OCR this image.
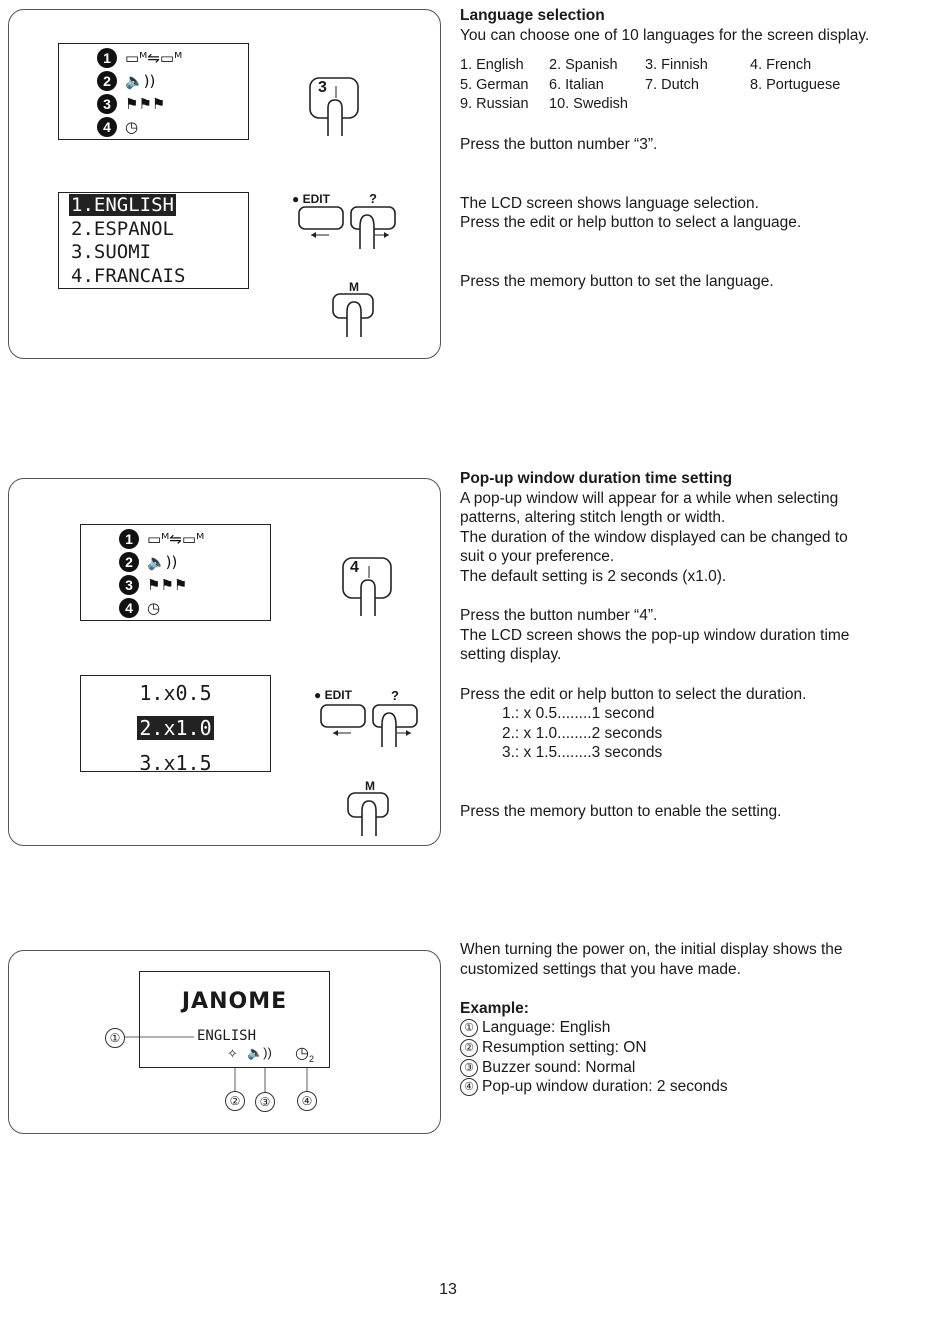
1 ▭ᴹ⇋▭ᴹ
2 🔈))
3 ⚑⚑⚑
4 ◷
3
1.ENGLISH
2.ESPANOL
3.SUOMI
4.FRANCAIS
● EDIT	?
M

Language selection

You can choose one of 10 languages for the screen display.

1. English	2. Spanish	3. Finnish	4. French
5. German	6. Italian	7. Dutch	8. Portuguese
9. Russian	10. Swedish

Press the button number “3”.

The LCD screen shows language selection.

Press the edit or help button to select a language.

Press the memory button to set the language.

1 ▭ᴹ⇋▭ᴹ
2 🔈))
3 ⚑⚑⚑
4 ◷
4
1.x0.5
2.x1.0
3.x1.5
● EDIT	?
M

Pop-up window duration time setting

A pop-up window will appear for a while when selecting

patterns, altering stitch length or width.

The duration of the window displayed can be changed to

suit o your preference.

The default setting is 2 seconds (x1.0).

Press the button number “4”.

The LCD screen shows the pop-up window duration time

setting display.

Press the edit or help button to select the duration.

1.: x 0.5........1 second

2.: x 1.0........2 seconds

3.: x 1.5........3 seconds

Press the memory button to enable the setting.

JANOME
ENGLISH
✧ 🔈)) $◷_2$
①
②	③	④

When turning the power on, the initial display shows the

customized settings that you have made.

Example:

① Language: English

② Resumption setting: ON

③ Buzzer sound: Normal

④ Pop-up window duration: 2 seconds

13
